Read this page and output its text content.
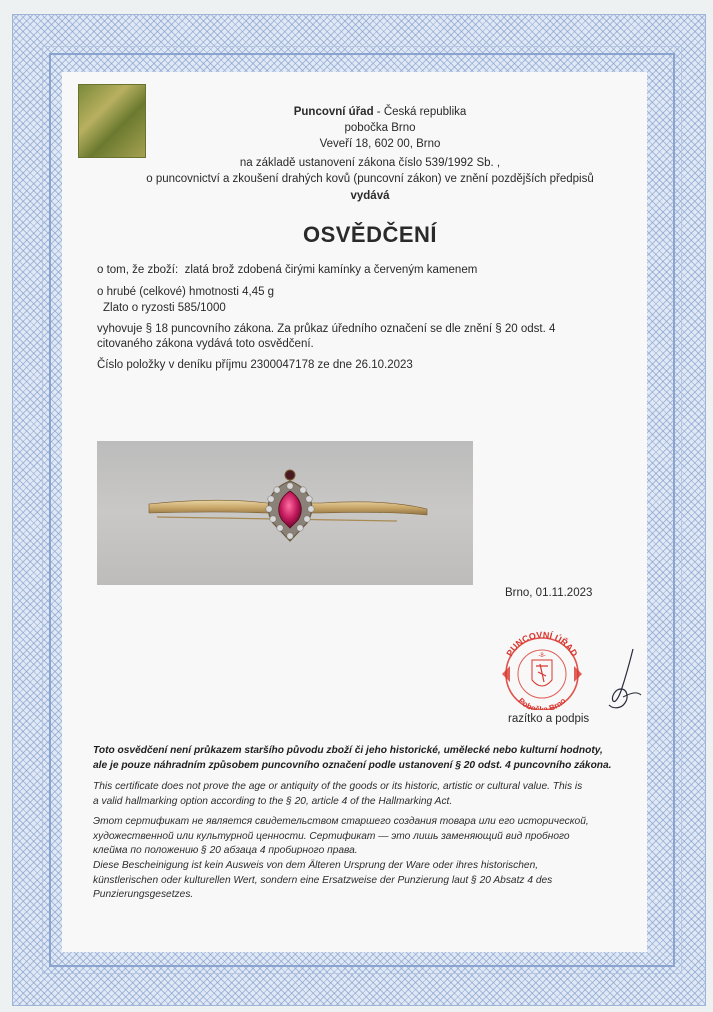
Puncovní úřad - Česká republika
pobočka Brno
Veveří 18, 602 00, Brno
na základě ustanovení zákona číslo 539/1992 Sb. ,
o puncovnictví a zkoušení drahých kovů (puncovní zákon) ve znění pozdějších předpisů
vydává
OSVĚDČENÍ
o tom, že zboží: zlatá brož zdobená čirými kamínky a červeným kamenem
o hrubé (celkové) hmotnosti 4,45 g
Zlato o ryzosti 585/1000
vyhovuje § 18 puncovního zákona. Za průkaz úředního označení se dle znění § 20 odst. 4
citovaného zákona vydává toto osvědčení.
Číslo položky v deníku příjmu 2300047178 ze dne 26.10.2023
Brno, 01.11.2023
PUNCOVNÍ ÚŘAD
-8-
Pobočka Brno
razítko a podpis
Toto osvědčení není průkazem staršího původu zboží či jeho historické, umělecké nebo kulturní hodnoty,
ale je pouze náhradním způsobem puncovního označení podle ustanovení § 20 odst. 4 puncovního zákona.
This certificate does not prove the age or antiquity of the goods or its historic, artistic or cultural value. This is
a valid hallmarking option according to the § 20, article 4 of the Hallmarking Act.
Этот сертификат не является свидетельством старшего создания товара или его исторической,
художественной или культурной ценности. Сертификат — это лишь заменяющий вид пробного
клейма по положению § 20 абзаца 4 пробирного права.
Diese Bescheinigung ist kein Ausweis von dem Älteren Ursprung der Ware oder ihres historischen,
künstlerischen oder kulturellen Wert, sondern eine Ersatzweise der Punzierung laut § 20 Absatz 4 des
Punzierungsgesetzes.
